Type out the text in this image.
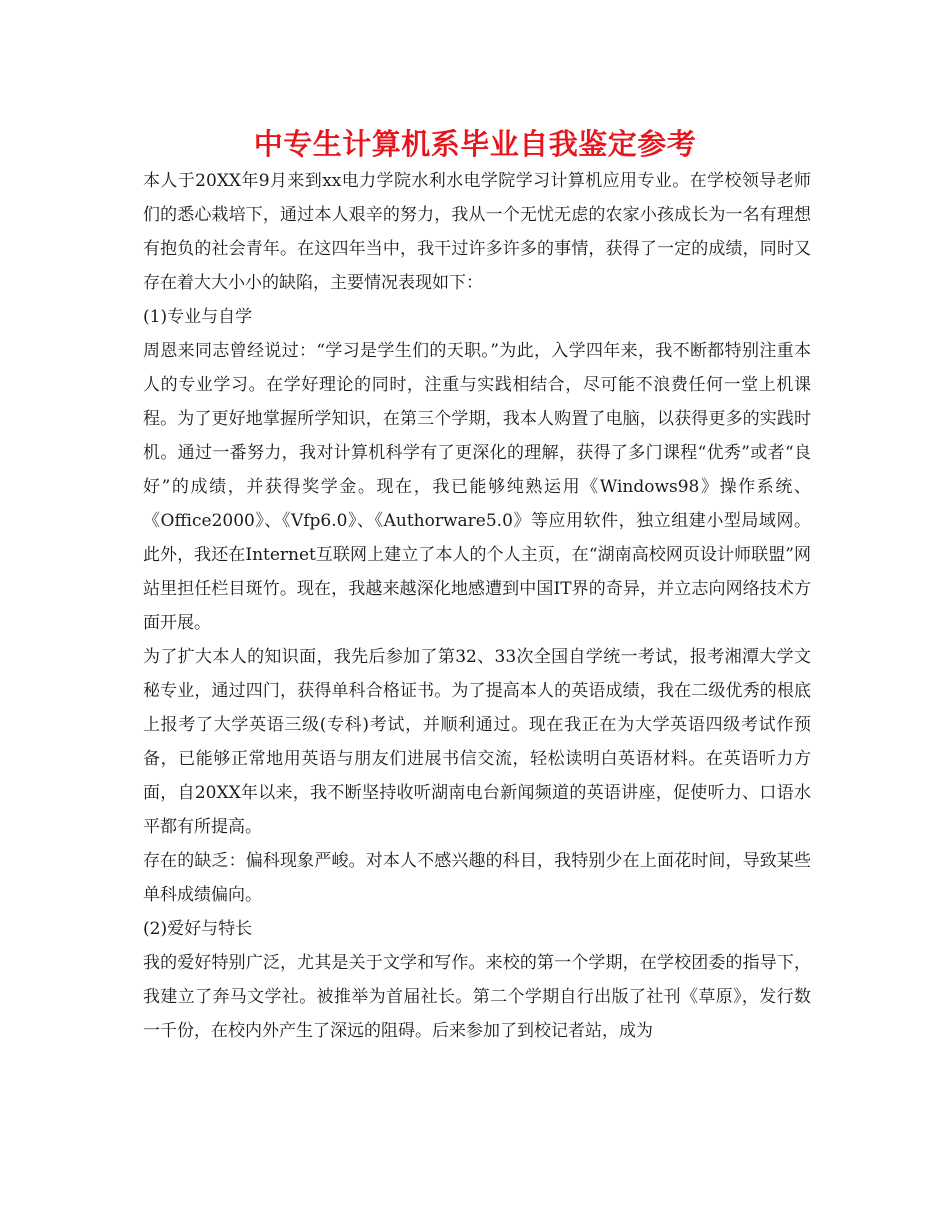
中专生计算机系毕业自我鉴定参考

本人于20XX年9月来到xx电力学院水利水电学院学习计算机应用专业。在学校领导老师们的悉心栽培下，通过本人艰辛的努力，我从一个无忧无虑的农家小孩成长为一名有理想有抱负的社会青年。在这四年当中，我干过许多许多的事情，获得了一定的成绩，同时又存在着大大小小的缺陷，主要情况表现如下：

(1)专业与自学

周恩来同志曾经说过：“学习是学生们的天职。”为此，入学四年来，我不断都特别注重本人的专业学习。在学好理论的同时，注重与实践相结合，尽可能不浪费任何一堂上机课程。为了更好地掌握所学知识，在第三个学期，我本人购置了电脑，以获得更多的实践时机。通过一番努力，我对计算机科学有了更深化的理解，获得了多门课程“优秀”或者“良好”的成绩，并获得奖学金。现在，我已能够纯熟运用《Windows98》操作系统、《Office2000》、《Vfp6.0》、《Authorware5.0》等应用软件，独立组建小型局域网。此外，我还在Internet互联网上建立了本人的个人主页，在“湖南高校网页设计师联盟”网站里担任栏目斑竹。现在，我越来越深化地感遭到中国IT界的奇异，并立志向网络技术方面开展。

为了扩大本人的知识面，我先后参加了第32、33次全国自学统一考试，报考湘潭大学文秘专业，通过四门，获得单科合格证书。为了提高本人的英语成绩，我在二级优秀的根底上报考了大学英语三级(专科)考试，并顺利通过。现在我正在为大学英语四级考试作预备，已能够正常地用英语与朋友们进展书信交流，轻松读明白英语材料。在英语听力方面，自20XX年以来，我不断坚持收听湖南电台新闻频道的英语讲座，促使听力、口语水平都有所提高。

存在的缺乏：偏科现象严峻。对本人不感兴趣的科目，我特别少在上面花时间，导致某些单科成绩偏向。

(2)爱好与特长

我的爱好特别广泛，尤其是关于文学和写作。来校的第一个学期，在学校团委的指导下，我建立了奔马文学社。被推举为首届社长。第二个学期自行出版了社刊《草原》，发行数一千份，在校内外产生了深远的阻碍。后来参加了到校记者站，成为
